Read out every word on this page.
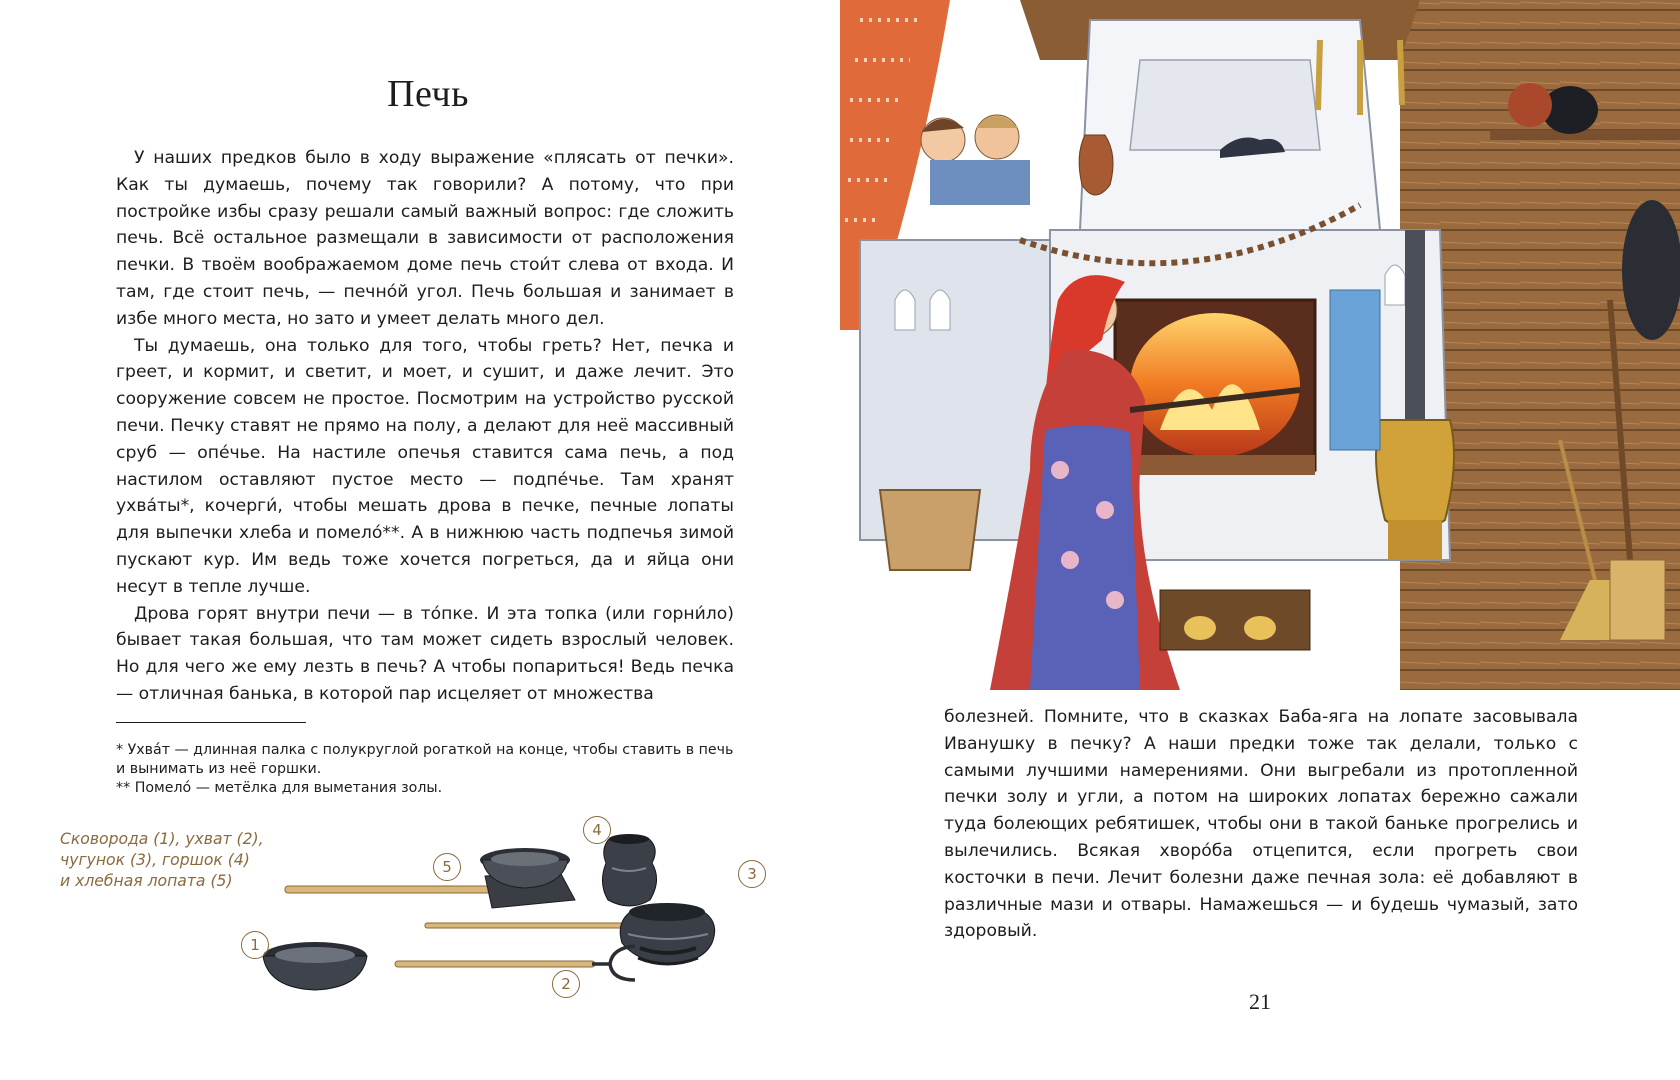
Печь

У наших предков было в ходу выражение «плясать от печки». Как ты думаешь, почему так говорили? А потому, что при постройке избы сразу решали самый важный вопрос: где сложить печь. Всё остальное размещали в зависимости от расположения печки. В твоём воображаемом доме печь стои́т слева от входа. И там, где стоит печь, — печно́й угол. Печь большая и занимает в избе много места, но зато и умеет делать много дел.

Ты думаешь, она только для того, чтобы греть? Нет, печка и греет, и кормит, и светит, и моет, и сушит, и даже лечит. Это сооружение совсем не простое. Посмотрим на устройство русской печи. Печку ставят не прямо на полу, а делают для неё массивный сруб — опе́чье. На настиле опечья ставится сама печь, а под настилом оставляют пустое место — подпе́чье. Там хранят ухва́ты*, кочерги́, чтобы мешать дрова в печке, печные лопаты для выпечки хлеба и помело́**. А в нижнюю часть подпечья зимой пускают кур. Им ведь тоже хочется погреться, да и яйца они несут в тепле лучше.

Дрова горят внутри печи — в то́пке. И эта топка (или горни́ло) бывает такая большая, что там может сидеть взрослый человек. Но для чего же ему лезть в печь? А чтобы попариться! Ведь печка — отличная банька, в которой пар исцеляет от множества

* Ухва́т — длинная палка с полукруглой рогаткой на конце, чтобы ставить в печь и вынимать из неё горшки.
** Помело́ — метёлка для выметания золы.
Сковорода (1), ухват (2),
чугунок (3), горшок (4)
и хлебная лопата (5)
1
2
3
4
5

болезней. Помните, что в сказках Баба-яга на лопате засовывала Иванушку в печку? А наши предки тоже так делали, только с самыми лучшими намерениями. Они выгребали из протопленной печки золу и угли, а потом на широких лопатах бережно сажали туда болеющих ребятишек, чтобы они в такой баньке прогрелись и вылечились. Всякая хворо́ба отцепится, если прогреть свои косточки в печи. Лечит болезни даже печная зола: её добавляют в различные мази и отвары. Намажешься — и будешь чумазый, зато здоровый.

21
